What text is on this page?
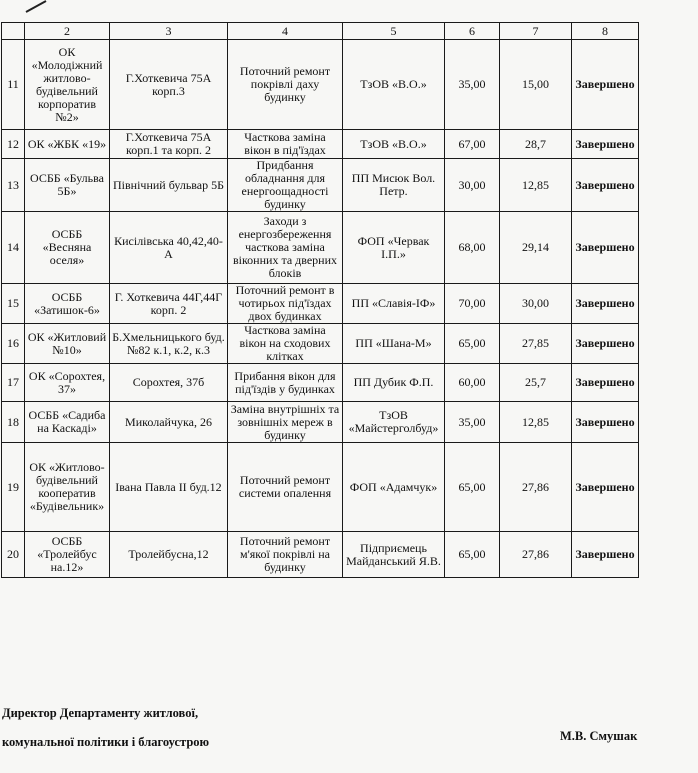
	2	3	4	5	6	7	8
11	ОК «Молодіжний житлово-будівельний корпоратив №2»	Г.Хоткевича 75А корп.3	Поточний ремонт покрівлі даху будинку	ТзОВ «В.О.»	35,00	15,00	Завершено
12	ОК «ЖБК «19»	Г.Хоткевича 75А корп.1 та корп. 2	Часткова заміна вікон в під'їздах	ТзОВ «В.О.»	67,00	28,7	Завершено
13	ОСББ «Бульва 5Б»	Північний бульвар 5Б	Придбання обладнання для енергоощадності будинку	ПП Мисюк Вол. Петр.	30,00	12,85	Завершено
14	ОСББ «Весняна оселя»	Кисілівська 40,42,40-А	Заходи з енергозбереження часткова заміна віконних та дверних блоків	ФОП «Червак І.П.»	68,00	29,14	Завершено
15	ОСББ «Затишок-6»	Г. Хоткевича 44Г,44Г корп. 2	Поточний ремонт в чотирьох під'їздах двох будинках	ПП «Славія-ІФ»	70,00	30,00	Завершено
16	ОК «Житловий №10»	Б.Хмельницького буд. №82 к.1, к.2, к.3	Часткова заміна вікон на сходових клітках	ПП «Шана-М»	65,00	27,85	Завершено
17	ОК «Сорохтея, 37»	Сорохтея, 37б	Прибання вікон для під'їздів у будинках	ПП Дубик Ф.П.	60,00	25,7	Завершено
18	ОСББ «Садиба на Каскаді»	Миколайчука, 26	Заміна внутрішніх та зовнішніх мереж в будинку	ТзОВ «Майстерголбуд»	35,00	12,85	Завершено
19	ОК «Житлово-будівельний кооператив «Будівельник»	Івана Павла ІІ буд.12	Поточний ремонт системи опалення	ФОП «Адамчук»	65,00	27,86	Завершено
20	ОСББ «Тролейбус на.12»	Тролейбусна,12	Поточний ремонт м'якої покрівлі на будинку	Підприємець Майданський Я.В.	65,00	27,86	Завершено
Директор Департаменту житлової,
комунальної політики і благоустрою	М.В. Смушак
